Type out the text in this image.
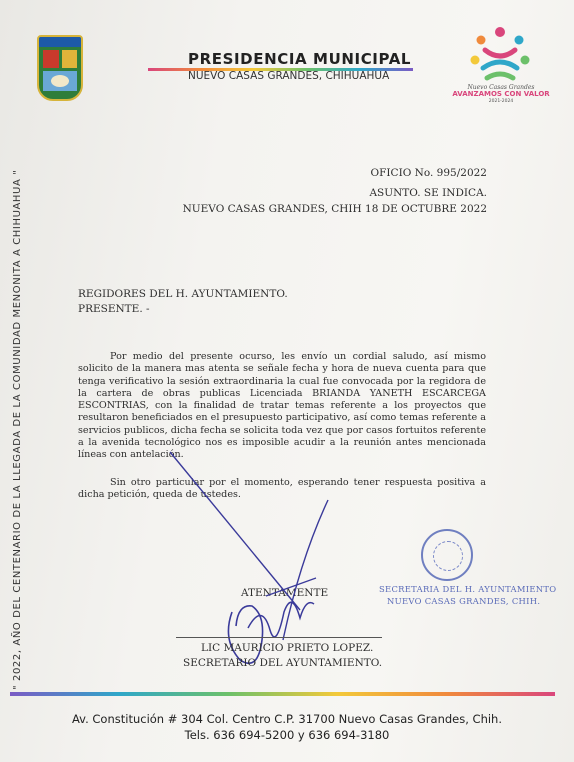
PRESIDENCIA MUNICIPAL
NUEVO CASAS GRANDES, CHIHUAHUA
Nuevo Casas Grandes
AVANZAMOS CON VALOR
2021-2024
" 2022, AÑO DEL CENTENARIO DE LA LLEGADA DE LA COMUNIDAD MENONITA A CHIHUAHUA "	OFICIO No. 995/2022
ASUNTO. SE INDICA.
NUEVO CASAS GRANDES, CHIH 18 DE OCTUBRE 2022
REGIDORES DEL H. AYUNTAMIENTO.
PRESENTE. -
Por medio del presente ocurso, les envío un cordial saludo, así mismo solicito de la manera mas atenta se señale fecha y hora de nueva cuenta para que tenga verificativo la sesión extraordinaria la cual fue convocada por la regidora de la cartera de obras publicas Licenciada BRIANDA YANETH ESCARCEGA ESCONTRIAS, con la finalidad de tratar temas referente a los proyectos que resultaron beneficiados en el presupuesto participativo, así como temas referente a servicios publicos, dicha fecha se solicita toda vez que por casos fortuitos referente a la avenida tecnológico nos es imposible acudir a la reunión antes mencionada líneas con antelación.
Sin otro particular por el momento, esperando tener respuesta positiva a dicha petición, queda de ustedes.
SECRETARIA DEL H. AYUNTAMIENTO
NUEVO CASAS GRANDES, CHIH.
ATENTAMENTE
LIC MAURICIO PRIETO LOPEZ.
SECRETARIO DEL AYUNTAMIENTO.
Av. Constitución # 304 Col. Centro C.P. 31700 Nuevo Casas Grandes, Chih.
Tels. 636 694-5200 y 636 694-3180
